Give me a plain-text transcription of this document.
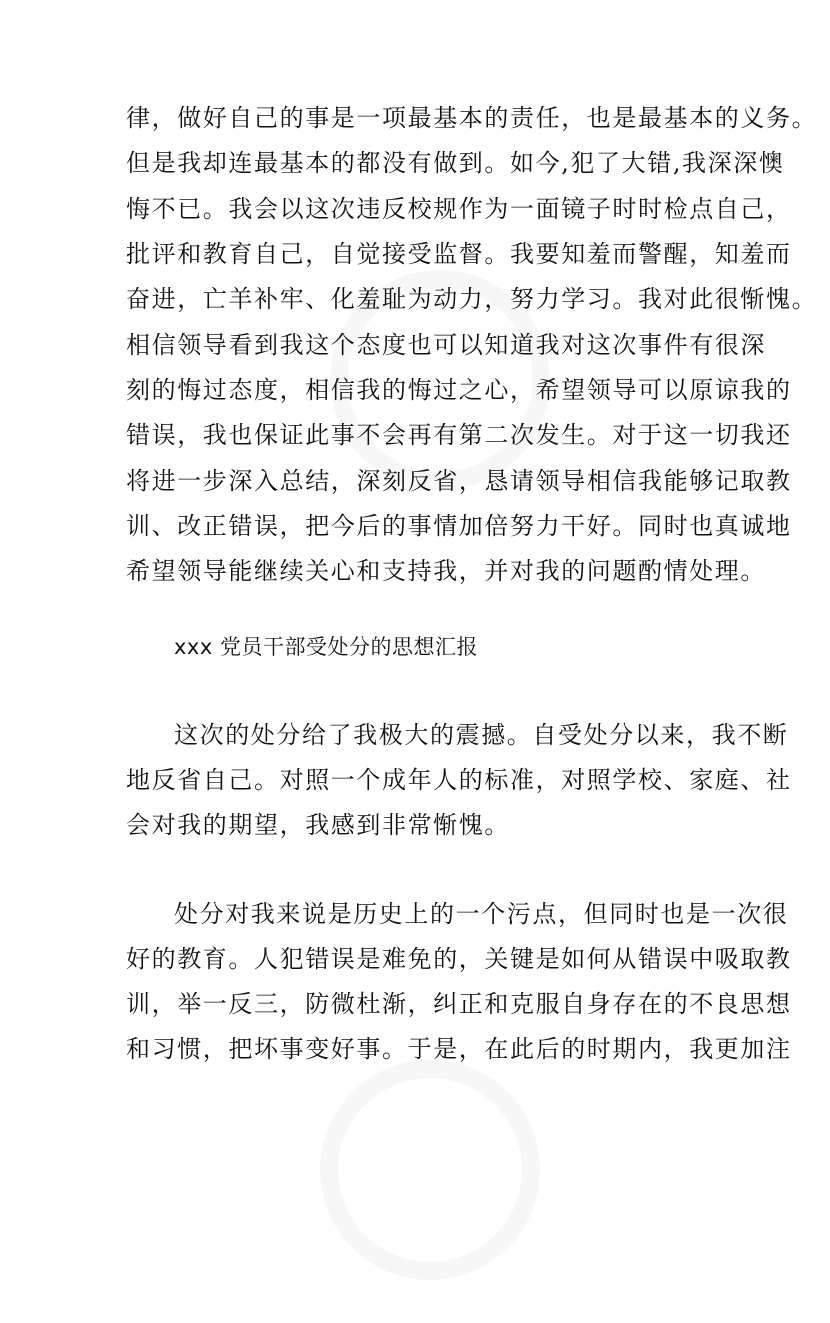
律，做好自己的事是一项最基本的责任，也是最基本的义务。
但是我却连最基本的都没有做到。如今,犯了大错,我深深懊
悔不已。我会以这次违反校规作为一面镜子时时检点自己，
批评和教育自己，自觉接受监督。我要知羞而警醒，知羞而
奋进，亡羊补牢、化羞耻为动力，努力学习。我对此很惭愧。
相信领导看到我这个态度也可以知道我对这次事件有很深
刻的悔过态度，相信我的悔过之心，希望领导可以原谅我的
错误，我也保证此事不会再有第二次发生。对于这一切我还
将进一步深入总结，深刻反省，恳请领导相信我能够记取教
训、改正错误，把今后的事情加倍努力干好。同时也真诚地
希望领导能继续关心和支持我，并对我的问题酌情处理。
xxx 党员干部受处分的思想汇报
这次的处分给了我极大的震撼。自受处分以来，我不断
地反省自己。对照一个成年人的标准，对照学校、家庭、社
会对我的期望，我感到非常惭愧。
处分对我来说是历史上的一个污点，但同时也是一次很
好的教育。人犯错误是难免的，关键是如何从错误中吸取教
训，举一反三，防微杜渐，纠正和克服自身存在的不良思想
和习惯，把坏事变好事。于是，在此后的时期内，我更加注
